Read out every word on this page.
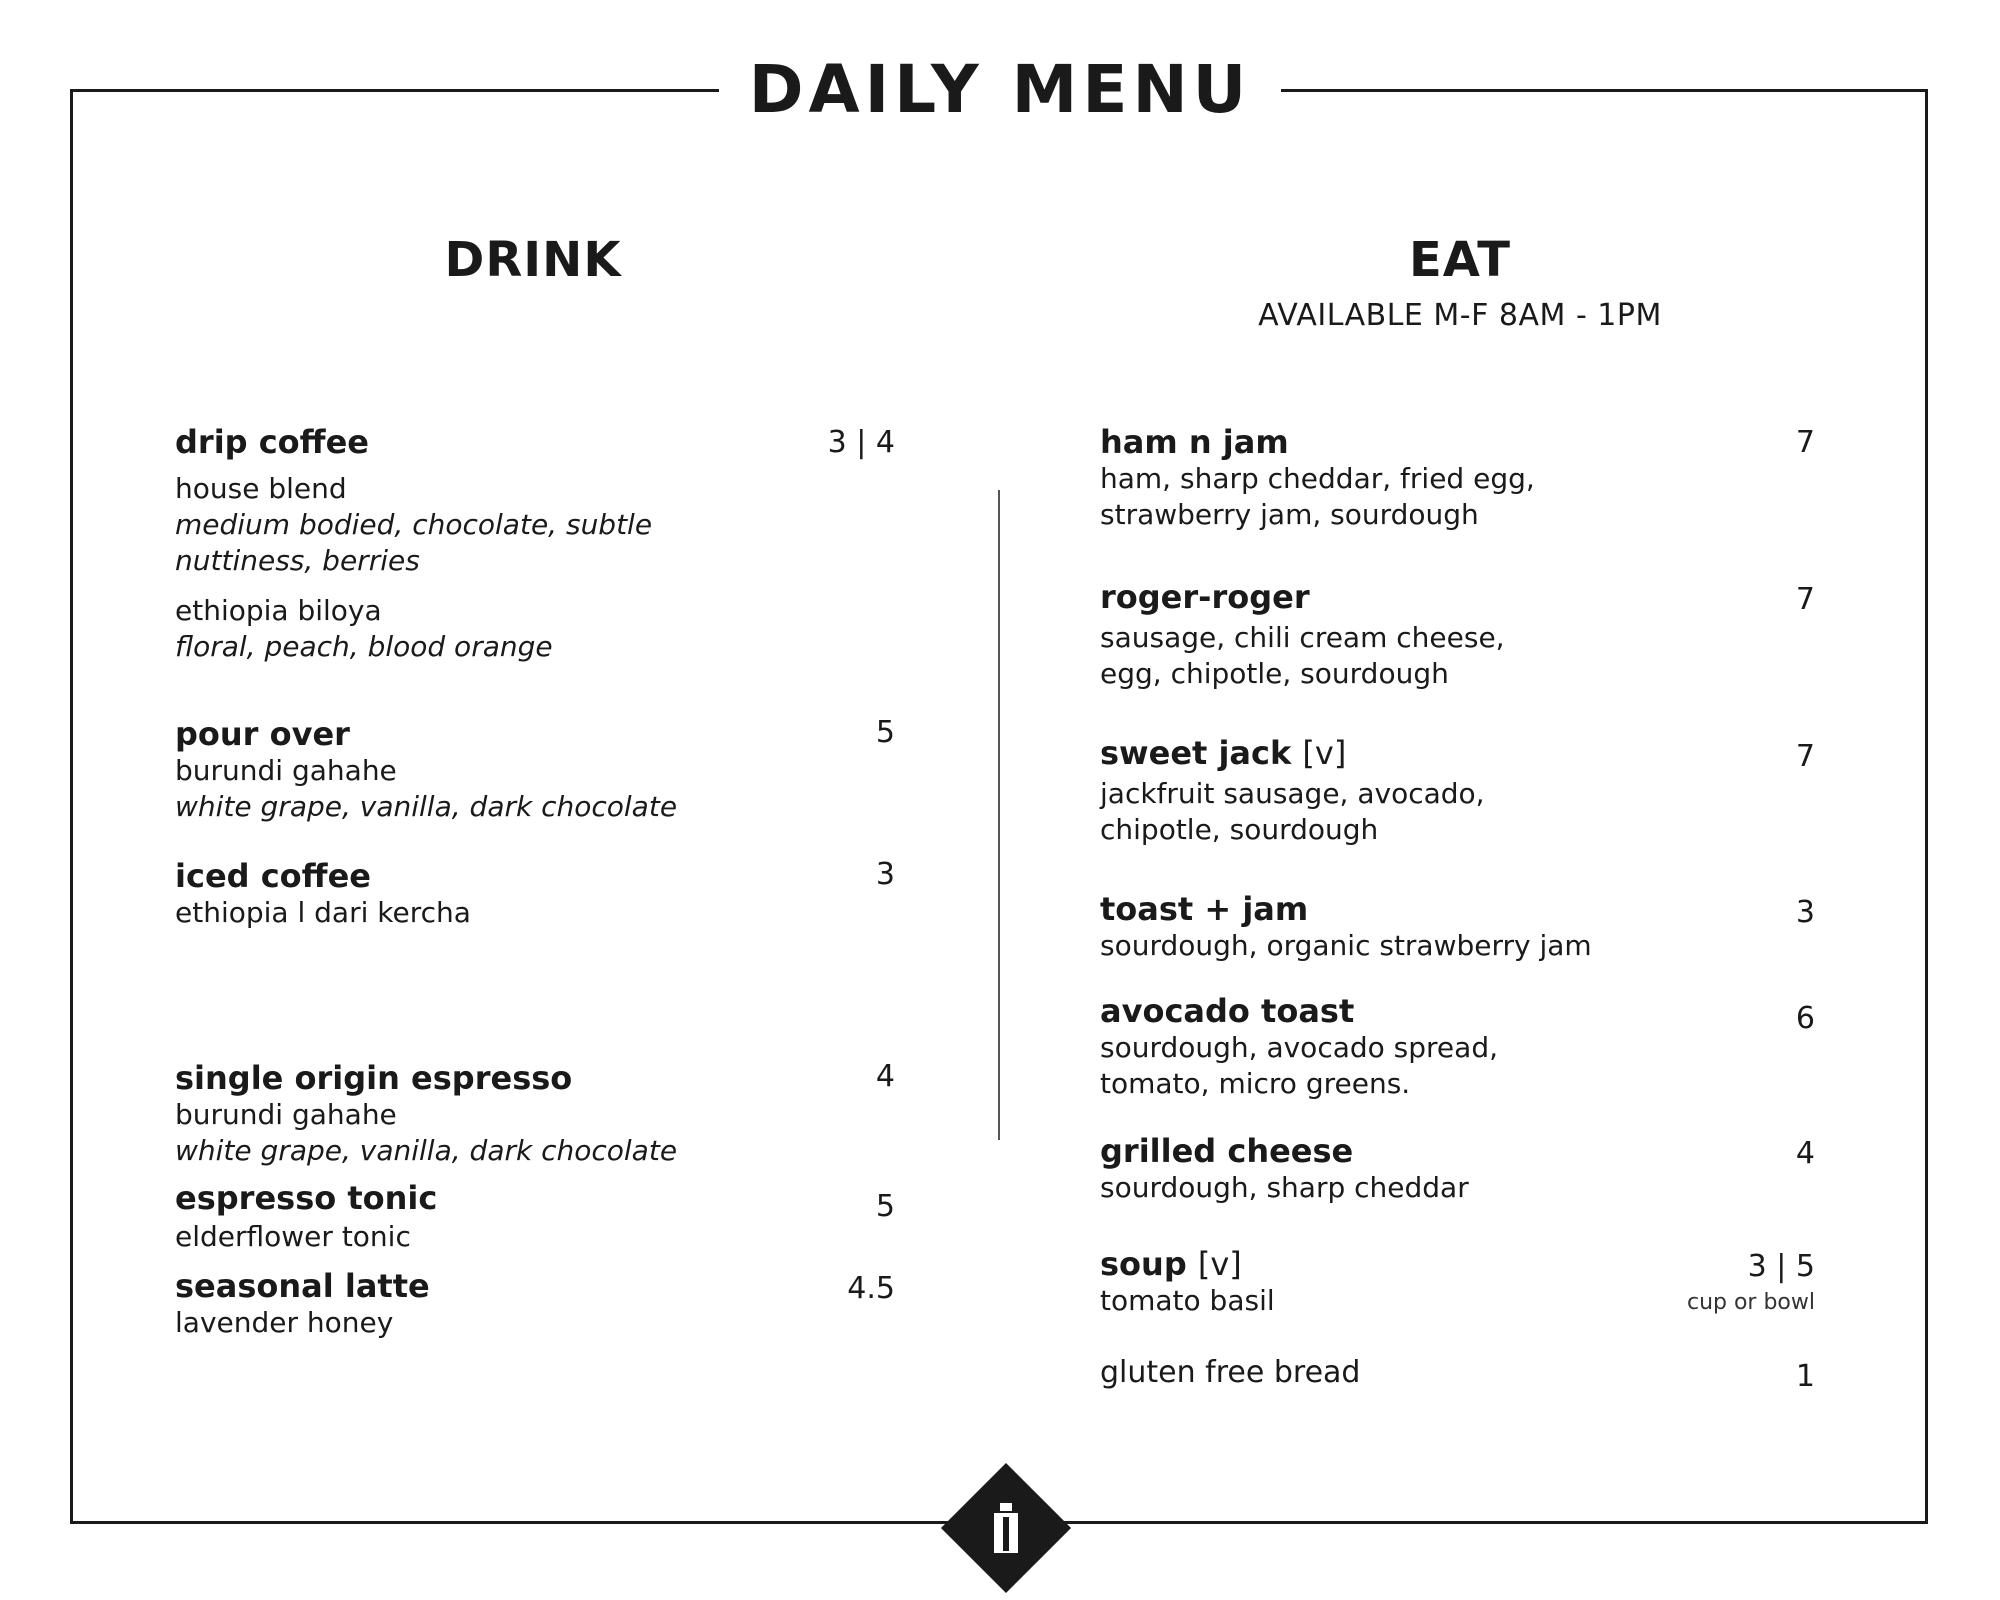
DAILY MENU
DRINK
drip coffee
house blend
medium bodied, chocolate, subtle
nuttiness, berries
ethiopia biloya
floral, peach, blood orange
3 | 4
pour over
burundi gahahe
white grape, vanilla, dark chocolate
5
iced coffee
ethiopia l dari kercha
3
single origin espresso
burundi gahahe
white grape, vanilla, dark chocolate
4
espresso tonic
elderflower tonic
5
seasonal latte
lavender honey
4.5
EAT
AVAILABLE M-F 8AM - 1PM
ham n jam
ham, sharp cheddar, fried egg,
strawberry jam, sourdough
7
roger-roger
sausage, chili cream cheese,
egg, chipotle, sourdough
7
sweet jack [v]
jackfruit sausage, avocado,
chipotle, sourdough
7
toast + jam
sourdough, organic strawberry jam
3
avocado toast
sourdough, avocado spread,
tomato, micro greens.
6
grilled cheese
sourdough, sharp cheddar
4
soup [v]
tomato basil
3 | 5
cup or bowl
gluten free bread	1
